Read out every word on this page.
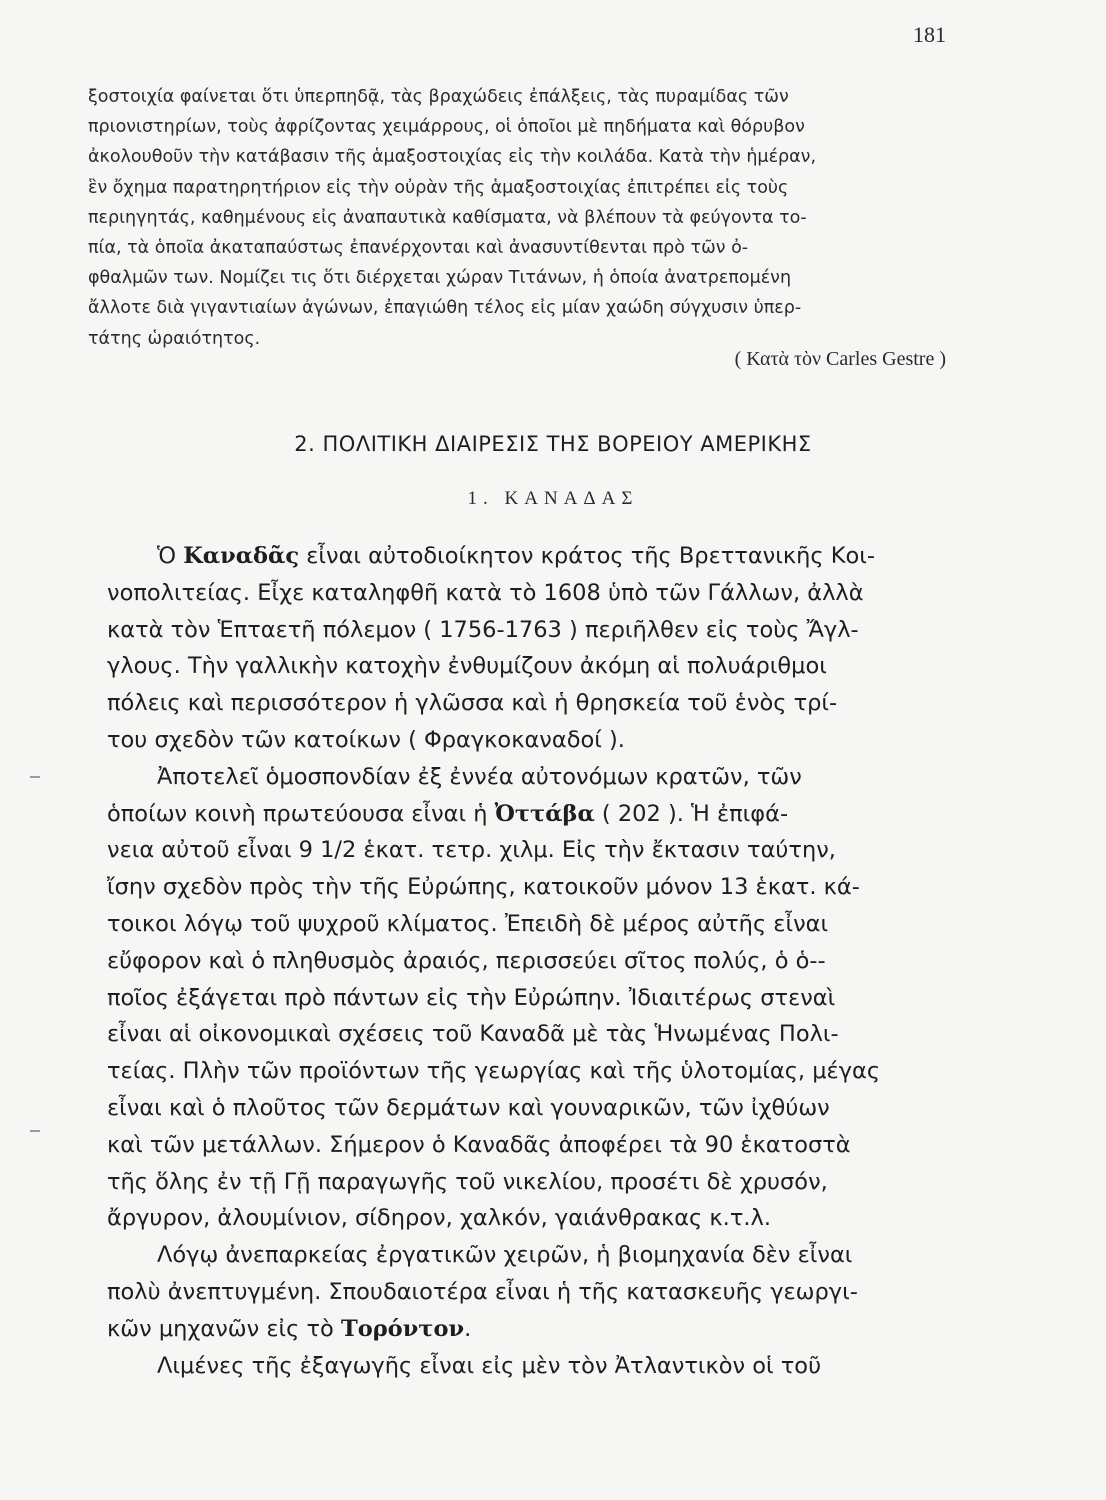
181
ξοστοιχία φαίνεται ὅτι ὑπερπηδᾷ, τὰς βραχώδεις ἐπάλξεις, τὰς πυραμίδας τῶν
πριονιστηρίων, τοὺς ἀφρίζοντας χειμάρρους, οἱ ὁποῖοι μὲ πηδήματα καὶ θόρυβον
ἀκολουθοῦν τὴν κατάβασιν τῆς ἁμαξοστοιχίας εἰς τὴν κοιλάδα. Κατὰ τὴν ἡμέραν,
ἓν ὄχημα παρατηρητήριον εἰς τὴν οὐρὰν τῆς ἁμαξοστοιχίας ἐπιτρέπει εἰς τοὺς
περιηγητάς, καθημένους εἰς ἀναπαυτικὰ καθίσματα, νὰ βλέπουν τὰ φεύγοντα το-
πία, τὰ ὁποῖα ἀκαταπαύστως ἐπανέρχονται καὶ ἀνασυντίθενται πρὸ τῶν ὀ-
φθαλμῶν των. Νομίζει τις ὅτι διέρχεται χώραν Τιτάνων, ἡ ὁποία ἀνατρεπομένη
ἄλλοτε διὰ γιγαντιαίων ἀγώνων, ἐπαγιώθη τέλος εἰς μίαν χαώδη σύγχυσιν ὑπερ-
τάτης ὡραιότητος.

( Κατὰ τὸν Carles Gestre )

2. ΠΟΛΙΤΙΚΗ ΔΙΑΙΡΕΣΙΣ ΤΗΣ ΒΟΡΕΙΟΥ ΑΜΕΡΙΚΗΣ
1. ΚΑΝΑΔΑΣ
Ὁ Καναδᾶς εἶναι αὐτοδιοίκητον κράτος τῆς Βρεττανικῆς Κοι-
νοπολιτείας. Εἶχε καταληφθῆ κατὰ τὸ 1608 ὑπὸ τῶν Γάλλων, ἀλλὰ
κατὰ τὸν Ἑπταετῆ πόλεμον ( 1756-1763 ) περιῆλθεν εἰς τοὺς Ἄγλ-
γλους. Τὴν γαλλικὴν κατοχὴν ἐνθυμίζουν ἀκόμη αἱ πολυάριθμοι
πόλεις καὶ περισσότερον ἡ γλῶσσα καὶ ἡ θρησκεία τοῦ ἑνὸς τρί-
του σχεδὸν τῶν κατοίκων ( Φραγκοκαναδοί ).
Ἀποτελεῖ ὁμοσπονδίαν ἐξ ἐννέα αὐτονόμων κρατῶν, τῶν
ὁποίων κοινὴ πρωτεύουσα εἶναι ἡ Ὀττάβα ( 202 ). Ἡ ἐπιφά-
νεια αὐτοῦ εἶναι 9 1/2 ἑκατ. τετρ. χιλμ. Εἰς τὴν ἔκτασιν ταύτην,
ἴσην σχεδὸν πρὸς τὴν τῆς Εὐρώπης, κατοικοῦν μόνον 13 ἑκατ. κά-
τοικοι λόγῳ τοῦ ψυχροῦ κλίματος. Ἐπειδὴ δὲ μέρος αὐτῆς εἶναι
εὔφορον καὶ ὁ πληθυσμὸς ἀραιός, περισσεύει σῖτος πολύς, ὁ ὁ--
ποῖος ἐξάγεται πρὸ πάντων εἰς τὴν Εὐρώπην. Ἰδιαιτέρως στεναὶ
εἶναι αἱ οἰκονομικαὶ σχέσεις τοῦ Καναδᾶ μὲ τὰς Ἡνωμένας Πολι-
τείας. Πλὴν τῶν προϊόντων τῆς γεωργίας καὶ τῆς ὑλοτομίας, μέγας
εἶναι καὶ ὁ πλοῦτος τῶν δερμάτων καὶ γουναρικῶν, τῶν ἰχθύων
καὶ τῶν μετάλλων. Σήμερον ὁ Καναδᾶς ἀποφέρει τὰ 90 ἑκατοστὰ
τῆς ὅλης ἐν τῇ Γῇ παραγωγῆς τοῦ νικελίου, προσέτι δὲ χρυσόν,
ἄργυρον, ἀλουμίνιον, σίδηρον, χαλκόν, γαιάνθρακας κ.τ.λ.
Λόγῳ ἀνεπαρκείας ἐργατικῶν χειρῶν, ἡ βιομηχανία δὲν εἶναι
πολὺ ἀνεπτυγμένη. Σπουδαιοτέρα εἶναι ἡ τῆς κατασκευῆς γεωργι-
κῶν μηχανῶν εἰς τὸ Τορόντον.
Λιμένες τῆς ἐξαγωγῆς εἶναι εἰς μὲν τὸν Ἀτλαντικὸν οἱ τοῦ
